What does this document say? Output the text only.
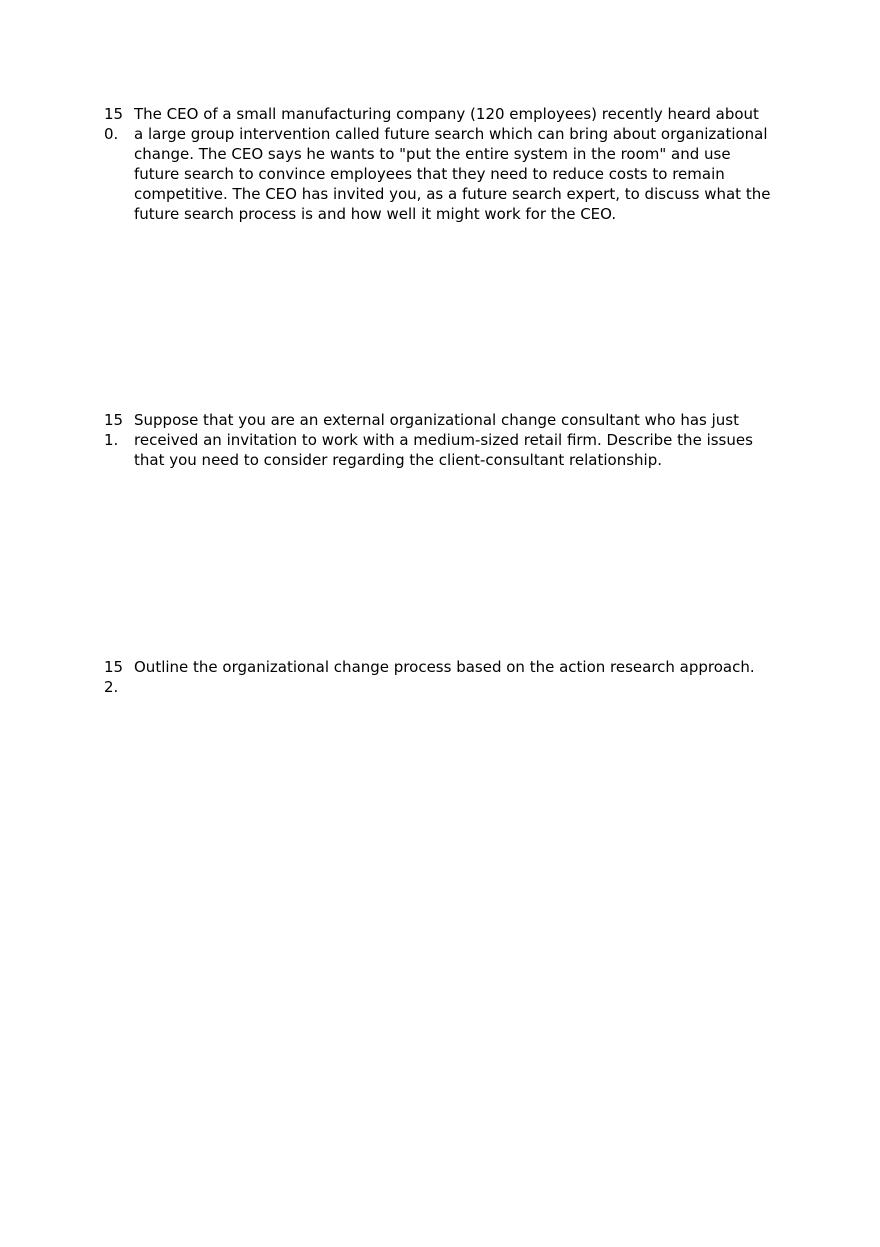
150.
The CEO of a small manufacturing company (120 employees) recently heard about a large group intervention called future search which can bring about organizational change. The CEO says he wants to "put the entire system in the room" and use future search to convince employees that they need to reduce costs to remain competitive. The CEO has invited you, as a future search expert, to discuss what the future search process is and how well it might work for the CEO.
151.
Suppose that you are an external organizational change consultant who has just received an invitation to work with a medium-sized retail firm. Describe the issues that you need to consider regarding the client-consultant relationship.
152.
Outline the organizational change process based on the action research approach.
